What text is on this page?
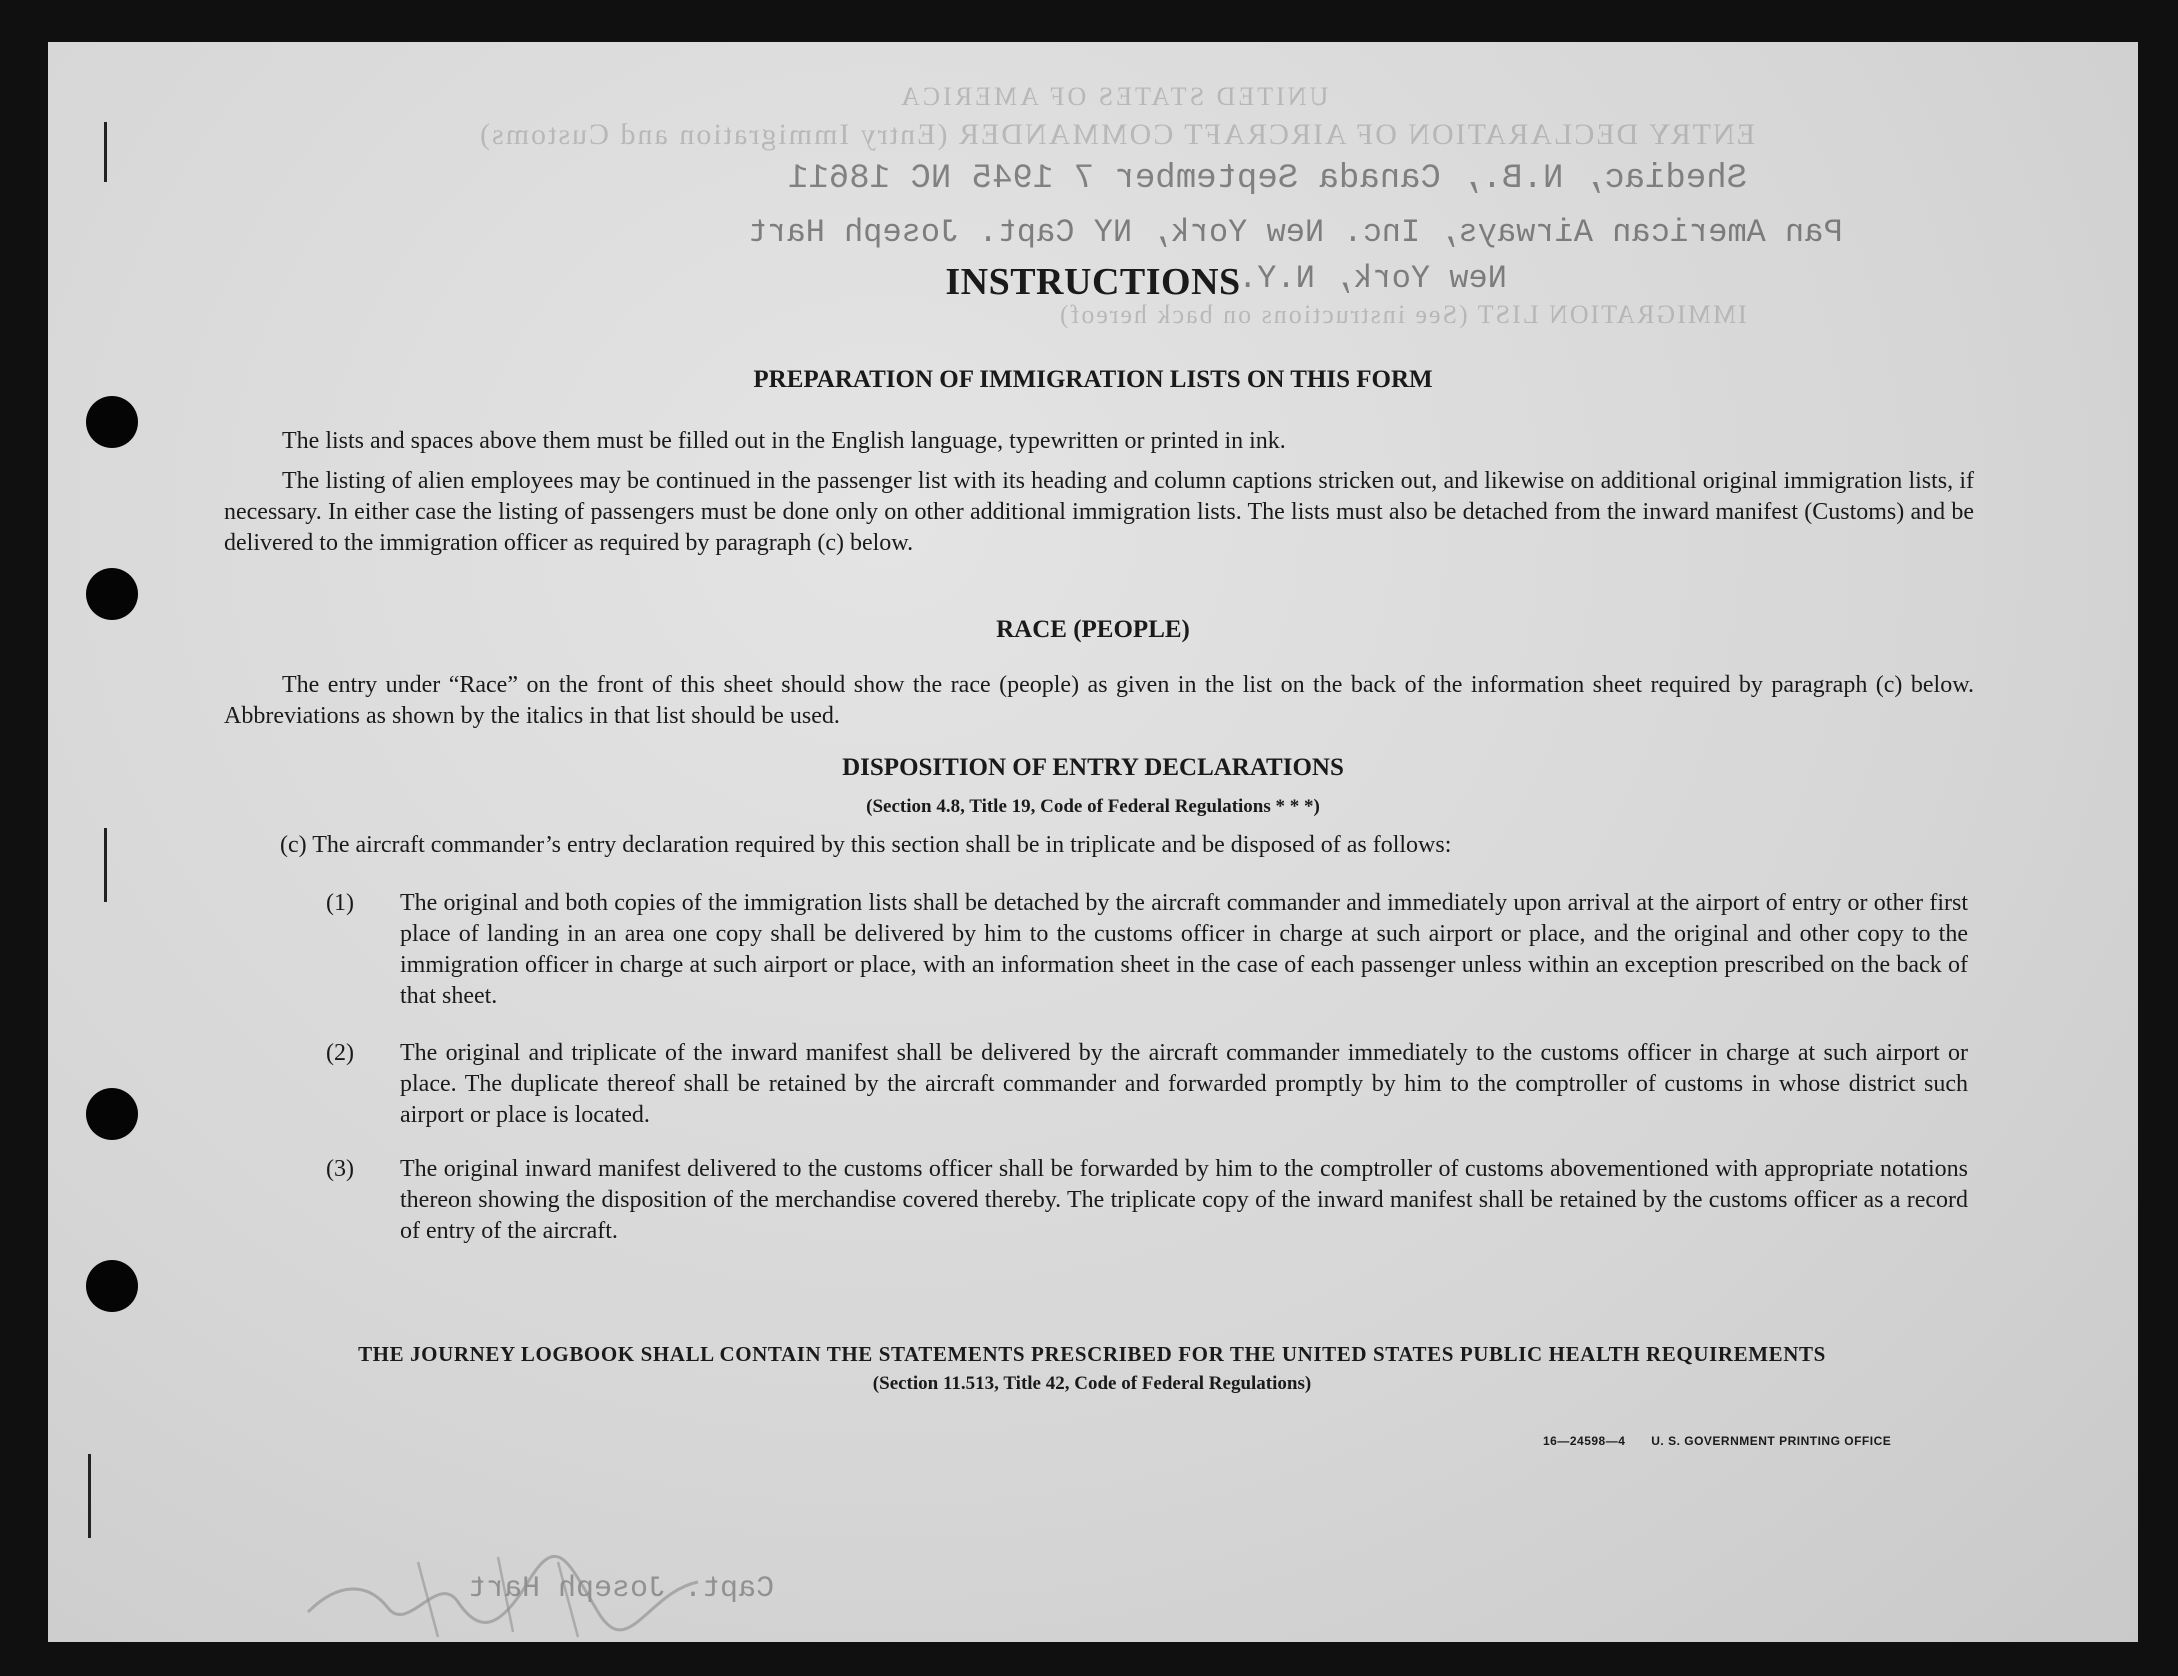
UNITED STATES OF AMERICA
ENTRY DECLARATION OF AIRCRAFT COMMANDER (Entry Immigration and Customs)
Shediac, N.B., Canada September 7 1945 NC 18611
Pan American Airways, Inc. New York, NY Capt. Joseph Hart
New York, N.Y.
IMMIGRATION LIST (See instructions on back hereof)
Capt. Joseph Hart
INSTRUCTIONS
PREPARATION OF IMMIGRATION LISTS ON THIS FORM
The lists and spaces above them must be filled out in the English language, typewritten or printed in ink.
The listing of alien employees may be continued in the passenger list with its heading and column captions stricken out, and likewise on additional original immigration lists, if necessary. In either case the listing of passengers must be done only on other additional immigration lists. The lists must also be detached from the inward manifest (Customs) and be delivered to the immigration officer as required by paragraph (c) below.
RACE (PEOPLE)
The entry under “Race” on the front of this sheet should show the race (people) as given in the list on the back of the information sheet required by paragraph (c) below. Abbreviations as shown by the italics in that list should be used.
DISPOSITION OF ENTRY DECLARATIONS
(Section 4.8, Title 19, Code of Federal Regulations * * *)
(c) The aircraft commander’s entry declaration required by this section shall be in triplicate and be disposed of as follows:
(1) The original and both copies of the immigration lists shall be detached by the aircraft commander and immediately upon arrival at the airport of entry or other first place of landing in an area one copy shall be delivered by him to the customs officer in charge at such airport or place, and the original and other copy to the immigration officer in charge at such airport or place, with an information sheet in the case of each passenger unless within an exception prescribed on the back of that sheet.
(2) The original and triplicate of the inward manifest shall be delivered by the aircraft commander immediately to the customs officer in charge at such airport or place. The duplicate thereof shall be retained by the aircraft commander and forwarded promptly by him to the comptroller of customs in whose district such airport or place is located.
(3) The original inward manifest delivered to the customs officer shall be forwarded by him to the comptroller of customs abovementioned with appropriate notations thereon showing the disposition of the merchandise covered thereby. The triplicate copy of the inward manifest shall be retained by the customs officer as a record of entry of the aircraft.
THE JOURNEY LOGBOOK SHALL CONTAIN THE STATEMENTS PRESCRIBED FOR THE UNITED STATES PUBLIC HEALTH REQUIREMENTS
(Section 11.513, Title 42, Code of Federal Regulations)
16—24598—4 U. S. GOVERNMENT PRINTING OFFICE
